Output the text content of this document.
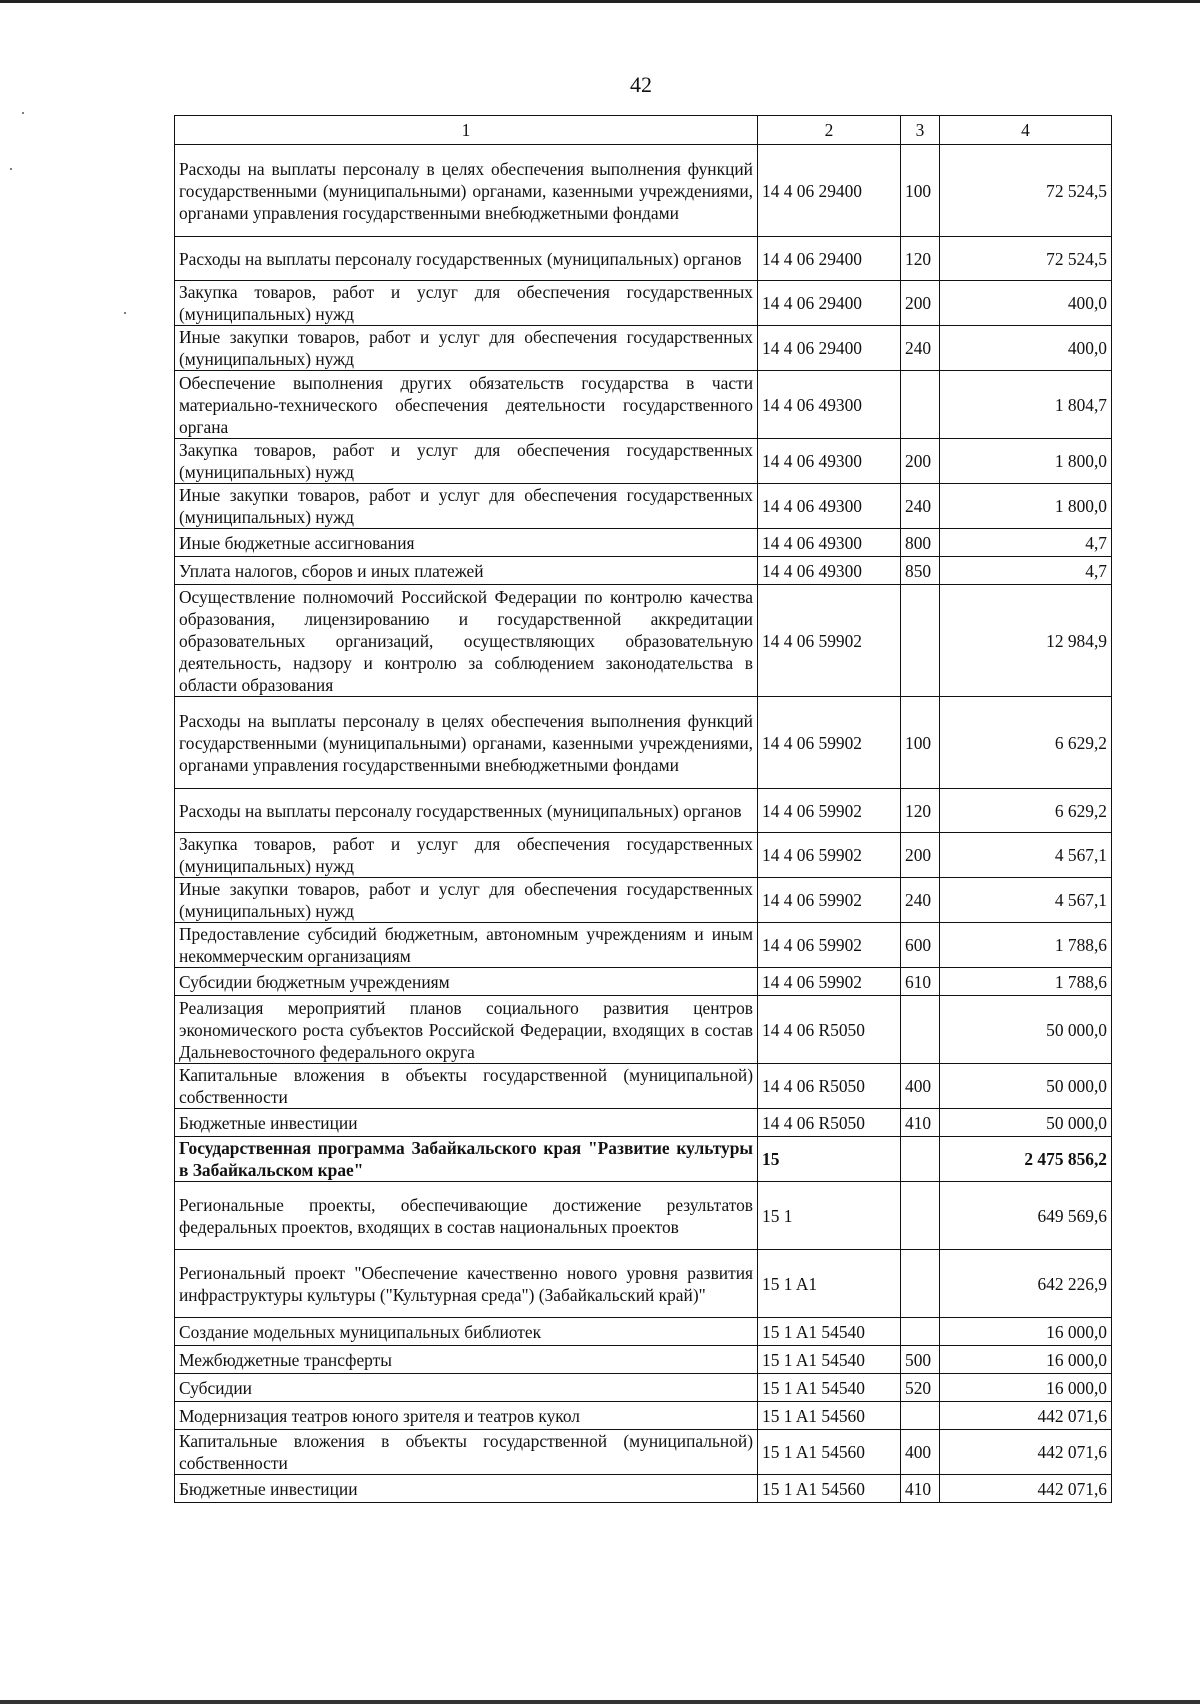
42
1	2	3	4
Расходы на выплаты персоналу в целях обеспечения выполнения функций государственными (муниципальными) органами, казенными учреждениями, органами управления государственными внебюджетными фондами	14 4 06 29400	100	72 524,5
Расходы на выплаты персоналу государственных (муниципальных) органов	14 4 06 29400	120	72 524,5
Закупка товаров, работ и услуг для обеспечения государственных (муниципальных) нужд	14 4 06 29400	200	400,0
Иные закупки товаров, работ и услуг для обеспечения государственных (муниципальных) нужд	14 4 06 29400	240	400,0
Обеспечение выполнения других обязательств государства в части материально-технического обеспечения деятельности государственного органа	14 4 06 49300		1 804,7
Закупка товаров, работ и услуг для обеспечения государственных (муниципальных) нужд	14 4 06 49300	200	1 800,0
Иные закупки товаров, работ и услуг для обеспечения государственных (муниципальных) нужд	14 4 06 49300	240	1 800,0
Иные бюджетные ассигнования	14 4 06 49300	800	4,7
Уплата налогов, сборов и иных платежей	14 4 06 49300	850	4,7
Осуществление полномочий Российской Федерации по контролю качества образования, лицензированию и государственной аккредитации образовательных организаций, осуществляющих образовательную деятельность, надзору и контролю за соблюдением законодательства в области образования	14 4 06 59902		12 984,9
Расходы на выплаты персоналу в целях обеспечения выполнения функций государственными (муниципальными) органами, казенными учреждениями, органами управления государственными внебюджетными фондами	14 4 06 59902	100	6 629,2
Расходы на выплаты персоналу государственных (муниципальных) органов	14 4 06 59902	120	6 629,2
Закупка товаров, работ и услуг для обеспечения государственных (муниципальных) нужд	14 4 06 59902	200	4 567,1
Иные закупки товаров, работ и услуг для обеспечения государственных (муниципальных) нужд	14 4 06 59902	240	4 567,1
Предоставление субсидий бюджетным, автономным учреждениям и иным некоммерческим организациям	14 4 06 59902	600	1 788,6
Субсидии бюджетным учреждениям	14 4 06 59902	610	1 788,6
Реализация мероприятий планов социального развития центров экономического роста субъектов Российской Федерации, входящих в состав Дальневосточного федерального округа	14 4 06 R5050		50 000,0
Капитальные вложения в объекты государственной (муниципальной) собственности	14 4 06 R5050	400	50 000,0
Бюджетные инвестиции	14 4 06 R5050	410	50 000,0
Государственная программа Забайкальского края "Развитие культуры в Забайкальском крае"	15		2 475 856,2
Региональные проекты, обеспечивающие достижение результатов федеральных проектов, входящих в состав национальных проектов	15 1		649 569,6
Региональный проект "Обеспечение качественно нового уровня развития инфраструктуры культуры ("Культурная среда") (Забайкальский край)"	15 1 A1		642 226,9
Создание модельных муниципальных библиотек	15 1 A1 54540		16 000,0
Межбюджетные трансферты	15 1 A1 54540	500	16 000,0
Субсидии	15 1 A1 54540	520	16 000,0
Модернизация театров юного зрителя и театров кукол	15 1 A1 54560		442 071,6
Капитальные вложения в объекты государственной (муниципальной) собственности	15 1 A1 54560	400	442 071,6
Бюджетные инвестиции	15 1 A1 54560	410	442 071,6
